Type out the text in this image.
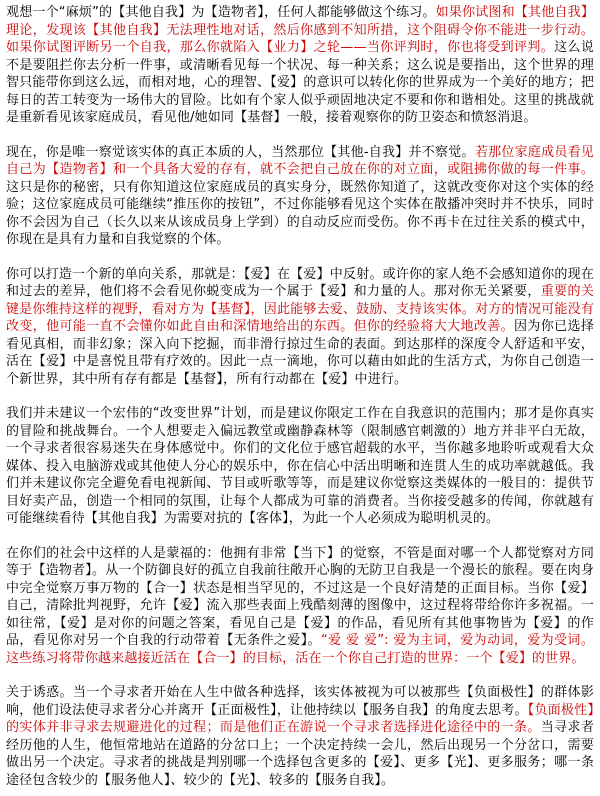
观想一个“麻烦”的【其他自我】为【造物者】，任何人都能够做这个练习。如果你试图和【其他自我】理论，发现该【其他自我】无法理性地对话，然后你感到不知所措，这个阻碍令你不能进一步行动。如果你试图评断另一个自我，那么你就陷入【业力】之轮——当你评判时，你也将受到评判。这么说不是要阻拦你去分析一件事，或清晰看见每一个状况、每一种关系；这么说是要指出，这个世界的理智只能带你到这么远，而相对地，心的理智、【爱】的意识可以转化你的世界成为一个美好的地方；把每日的苦工转变为一场伟大的冒险。比如有个家人似乎顽固地决定不要和你和谐相处。这里的挑战就是重新看见该家庭成员，看见他/她如同【基督】一般，接着观察你的防卫姿态和愤怒消退。

现在，你是唯一察觉该实体的真正本质的人，当然那位【其他-自我】并不察觉。若那位家庭成员看见自己为【造物者】和一个具备大爱的存有，就不会把自己放在你的对立面，或阻拂你做的每一件事。这只是你的秘密，只有你知道这位家庭成员的真实身分，既然你知道了，这就改变你对这个实体的经验；这位家庭成员可能继续“推压你的按钮”，不过你能够看见这个实体在散播冲突时并不快乐，同时你不会因为自己（长久以来从该成员身上学到）的自动反应而受伤。你不再卡在过往关系的模式中，你现在是具有力量和自我觉察的个体。

你可以打造一个新的单向关系，那就是：【爱】在【爱】中反射。或许你的家人绝不会感知道你的现在和过去的差异，他们将不会看见你蜕变成为一个属于【爱】和力量的人。那对你无关紧要，重要的关键是你维持这样的视野，看对方为【基督】，因此能够去爱、鼓励、支持该实体。对方的情况可能没有改变，他可能一直不会懂你如此自由和深情地给出的东西。但你的经验将大大地改善。因为你已选择看见真相，而非幻象；深入向下挖掘，而非滑行掠过生命的表面。到达那样的深度令人舒适和平安，活在【爱】中是喜悦且带有疗效的。因此一点一滴地，你可以藉由如此的生活方式，为你自己创造一个新世界，其中所有存有都是【基督】，所有行动都在【爱】中进行。

我们并未建议一个宏伟的“改变世界”计划，而是建议你限定工作在自我意识的范围内；那才是你真实的冒险和挑战舞台。一个人想要走入偏远教堂或幽静森林等（限制感官刺激的）地方并非平白无故，一个寻求者很容易迷失在身体感觉中。你们的文化位于感官超载的水平，当你越多地聆听或观看大众媒体、投入电脑游戏或其他使人分心的娱乐中，你在信心中活出明晰和连贯人生的成功率就越低。我们并未建议你完全避免看电视新闻、节目或听歌等等，而是建议你觉察这类媒体的一般目的：提供节目好卖产品，创造一个相同的氛围，让每个人都成为可靠的消费者。当你接受越多的传闻，你就越有可能继续看待【其他自我】为需要对抗的【客体】，为此一个人必须成为聪明机灵的。

在你们的社会中这样的人是蒙福的：他拥有非常【当下】的觉察，不管是面对哪一个人都觉察对方同等于【造物者】。从一个防御良好的孤立自我前往敞开心胸的无防卫自我是一个漫长的旅程。要在肉身中完全觉察万事万物的【合一】状态是相当罕见的，不过这是一个良好清楚的正面目标。当你【爱】自己，清除批判视野，允许【爱】流入那些表面上残酷刻薄的图像中，这过程将带给你许多祝福。一如往常，【爱】是对你的问题之答案，看见自己是【爱】的作品，看见所有其他事物皆为【爱】的作品，看见你对另一个自我的行动带着【无条件之爱】。“爱 爱 爱”: 爱为主词，爱为动词，爱为受词。这些练习将带你越来越接近活在【合一】的目标，活在一个你自己打造的世界：一个【爱】的世界。

关于诱惑。当一个寻求者开始在人生中做各种选择，该实体被视为可以被那些【负面极性】的群体影响，他们设法使寻求者分心并离开【正面极性】，让他持续以【服务自我】的角度去思考。【负面极性】的实体并非寻求去规避进化的过程；而是他们正在游说一个寻求者选择进化途径中的一条。当寻求者经历他的人生，他恒常地站在道路的分岔口上；一个决定持续一会儿，然后出现另一个分岔口，需要做出另一个决定。寻求者的挑战是判别哪一个选择包含更多的【爱】、更多【光】、更多服务；哪一条途径包含较少的【服务他人】、较少的【光】、较多的【服务自我】。
